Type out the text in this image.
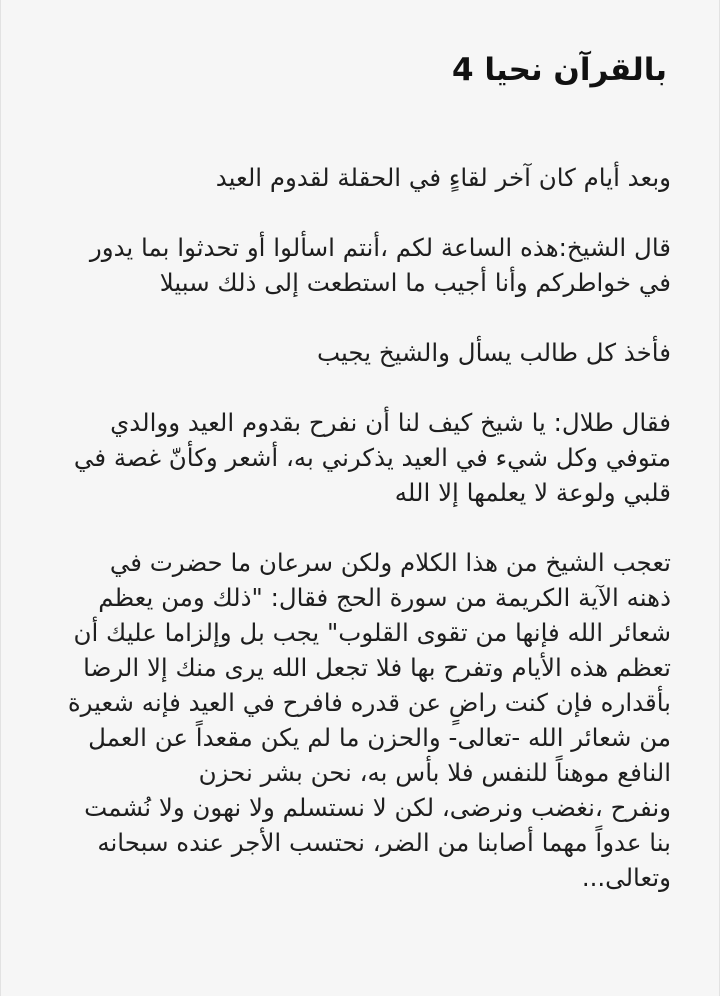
بالقرآن نحيا 4

وبعد أيام كان آخر لقاءٍ في الحقلة لقدوم العيد

قال الشيخ:هذه الساعة لكم ،أنتم اسألوا أو تحدثوا بما يدور
في خواطركم وأنا أجيب ما استطعت إلى ذلك سبيلا

فأخذ كل طالب يسأل والشيخ يجيب

فقال طلال: يا شيخ كيف لنا أن نفرح بقدوم العيد ووالدي
متوفي وكل شيء في العيد يذكرني به، أشعر وكأنّ غصة في
قلبي ولوعة لا يعلمها إلا الله

تعجب الشيخ من هذا الكلام ولكن سرعان ما حضرت في
ذهنه الآية الكريمة من سورة الحج فقال: "ذلك ومن يعظم
شعائر الله فإنها من تقوى القلوب" يجب بل وإلزاما عليك أن
تعظم هذه الأيام وتفرح بها فلا تجعل الله يرى منك إلا الرضا
بأقداره فإن كنت راضٍ عن قدره فافرح في العيد فإنه شعيرة
من شعائر الله -تعالى- والحزن ما لم يكن مقعداً عن العمل
النافع موهناً للنفس فلا بأس به، نحن بشر نحزن
ونفرح ،نغضب ونرضى، لكن لا نستسلم ولا نهون ولا نُشمت
بنا عدواً مهما أصابنا من الضر، نحتسب الأجر عنده سبحانه
وتعالى...
